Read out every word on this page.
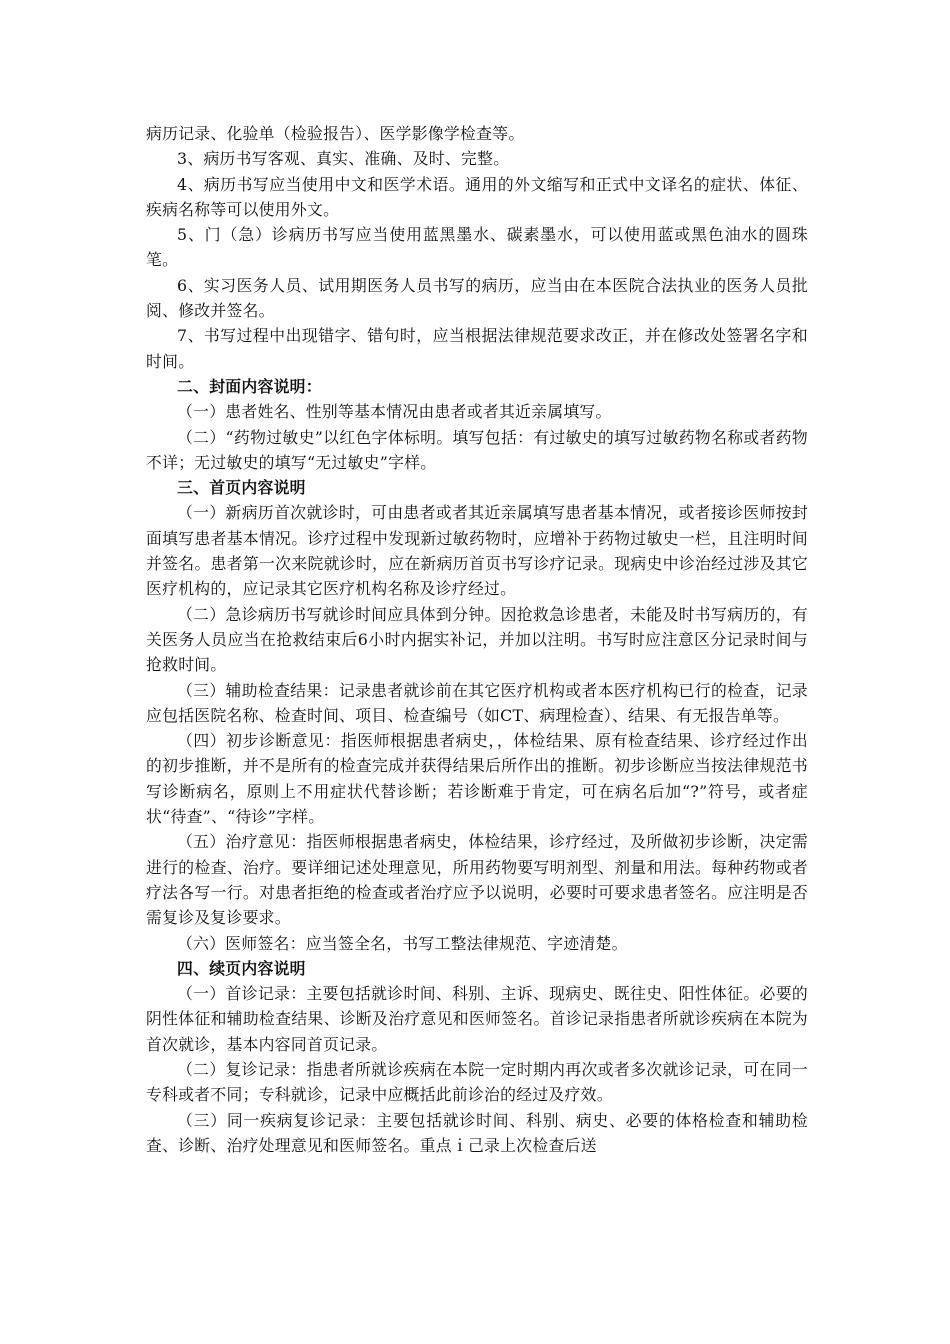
病历记录、化验单（检验报告）、医学影像学检查等。

3、病历书写客观、真实、准确、及时、完整。

4、病历书写应当使用中文和医学术语。通用的外文缩写和正式中文译名的症状、体征、疾病名称等可以使用外文。

5、门（急）诊病历书写应当使用蓝黑墨水、碳素墨水，可以使用蓝或黑色油水的圆珠笔。

6、实习医务人员、试用期医务人员书写的病历，应当由在本医院合法执业的医务人员批阅、修改并签名。

7、书写过程中出现错字、错句时，应当根据法律规范要求改正，并在修改处签署名字和时间。

二、封面内容说明：

（一）患者姓名、性别等基本情况由患者或者其近亲属填写。

（二）“药物过敏史”以红色字体标明。填写包括：有过敏史的填写过敏药物名称或者药物不详；无过敏史的填写“无过敏史”字样。

三、首页内容说明

（一）新病历首次就诊时，可由患者或者其近亲属填写患者基本情况，或者接诊医师按封面填写患者基本情况。诊疗过程中发现新过敏药物时，应增补于药物过敏史一栏，且注明时间并签名。患者第一次来院就诊时，应在新病历首页书写诊疗记录。现病史中诊治经过涉及其它医疗机构的，应记录其它医疗机构名称及诊疗经过。

（二）急诊病历书写就诊时间应具体到分钟。因抢救急诊患者，未能及时书写病历的，有关医务人员应当在抢救结束后6小时内据实补记，并加以注明。书写时应注意区分记录时间与抢救时间。

（三）辅助检查结果：记录患者就诊前在其它医疗机构或者本医疗机构已行的检查，记录应包括医院名称、检查时间、项目、检查编号（如CT、病理检查）、结果、有无报告单等。

（四）初步诊断意见：指医师根据患者病史，，体检结果、原有检查结果、诊疗经过作出的初步推断，并不是所有的检查完成并获得结果后所作出的推断。初步诊断应当按法律规范书写诊断病名，原则上不用症状代替诊断；若诊断难于肯定，可在病名后加“?”符号，或者症状“待查”、“待诊”字样。

（五）治疗意见：指医师根据患者病史，体检结果，诊疗经过，及所做初步诊断，决定需进行的检查、治疗。要详细记述处理意见，所用药物要写明剂型、剂量和用法。每种药物或者疗法各写一行。对患者拒绝的检查或者治疗应予以说明，必要时可要求患者签名。应注明是否需复诊及复诊要求。

（六）医师签名：应当签全名，书写工整法律规范、字迹清楚。

四、续页内容说明

（一）首诊记录：主要包括就诊时间、科别、主诉、现病史、既往史、阳性体征。必要的阴性体征和辅助检查结果、诊断及治疗意见和医师签名。首诊记录指患者所就诊疾病在本院为首次就诊，基本内容同首页记录。

（二）复诊记录：指患者所就诊疾病在本院一定时期内再次或者多次就诊记录，可在同一专科或者不同；专科就诊，记录中应概括此前诊治的经过及疗效。

（三）同一疾病复诊记录：主要包括就诊时间、科别、病史、必要的体格检查和辅助检查、诊断、治疗处理意见和医师签名。重点ｉ己录上次检查后送
